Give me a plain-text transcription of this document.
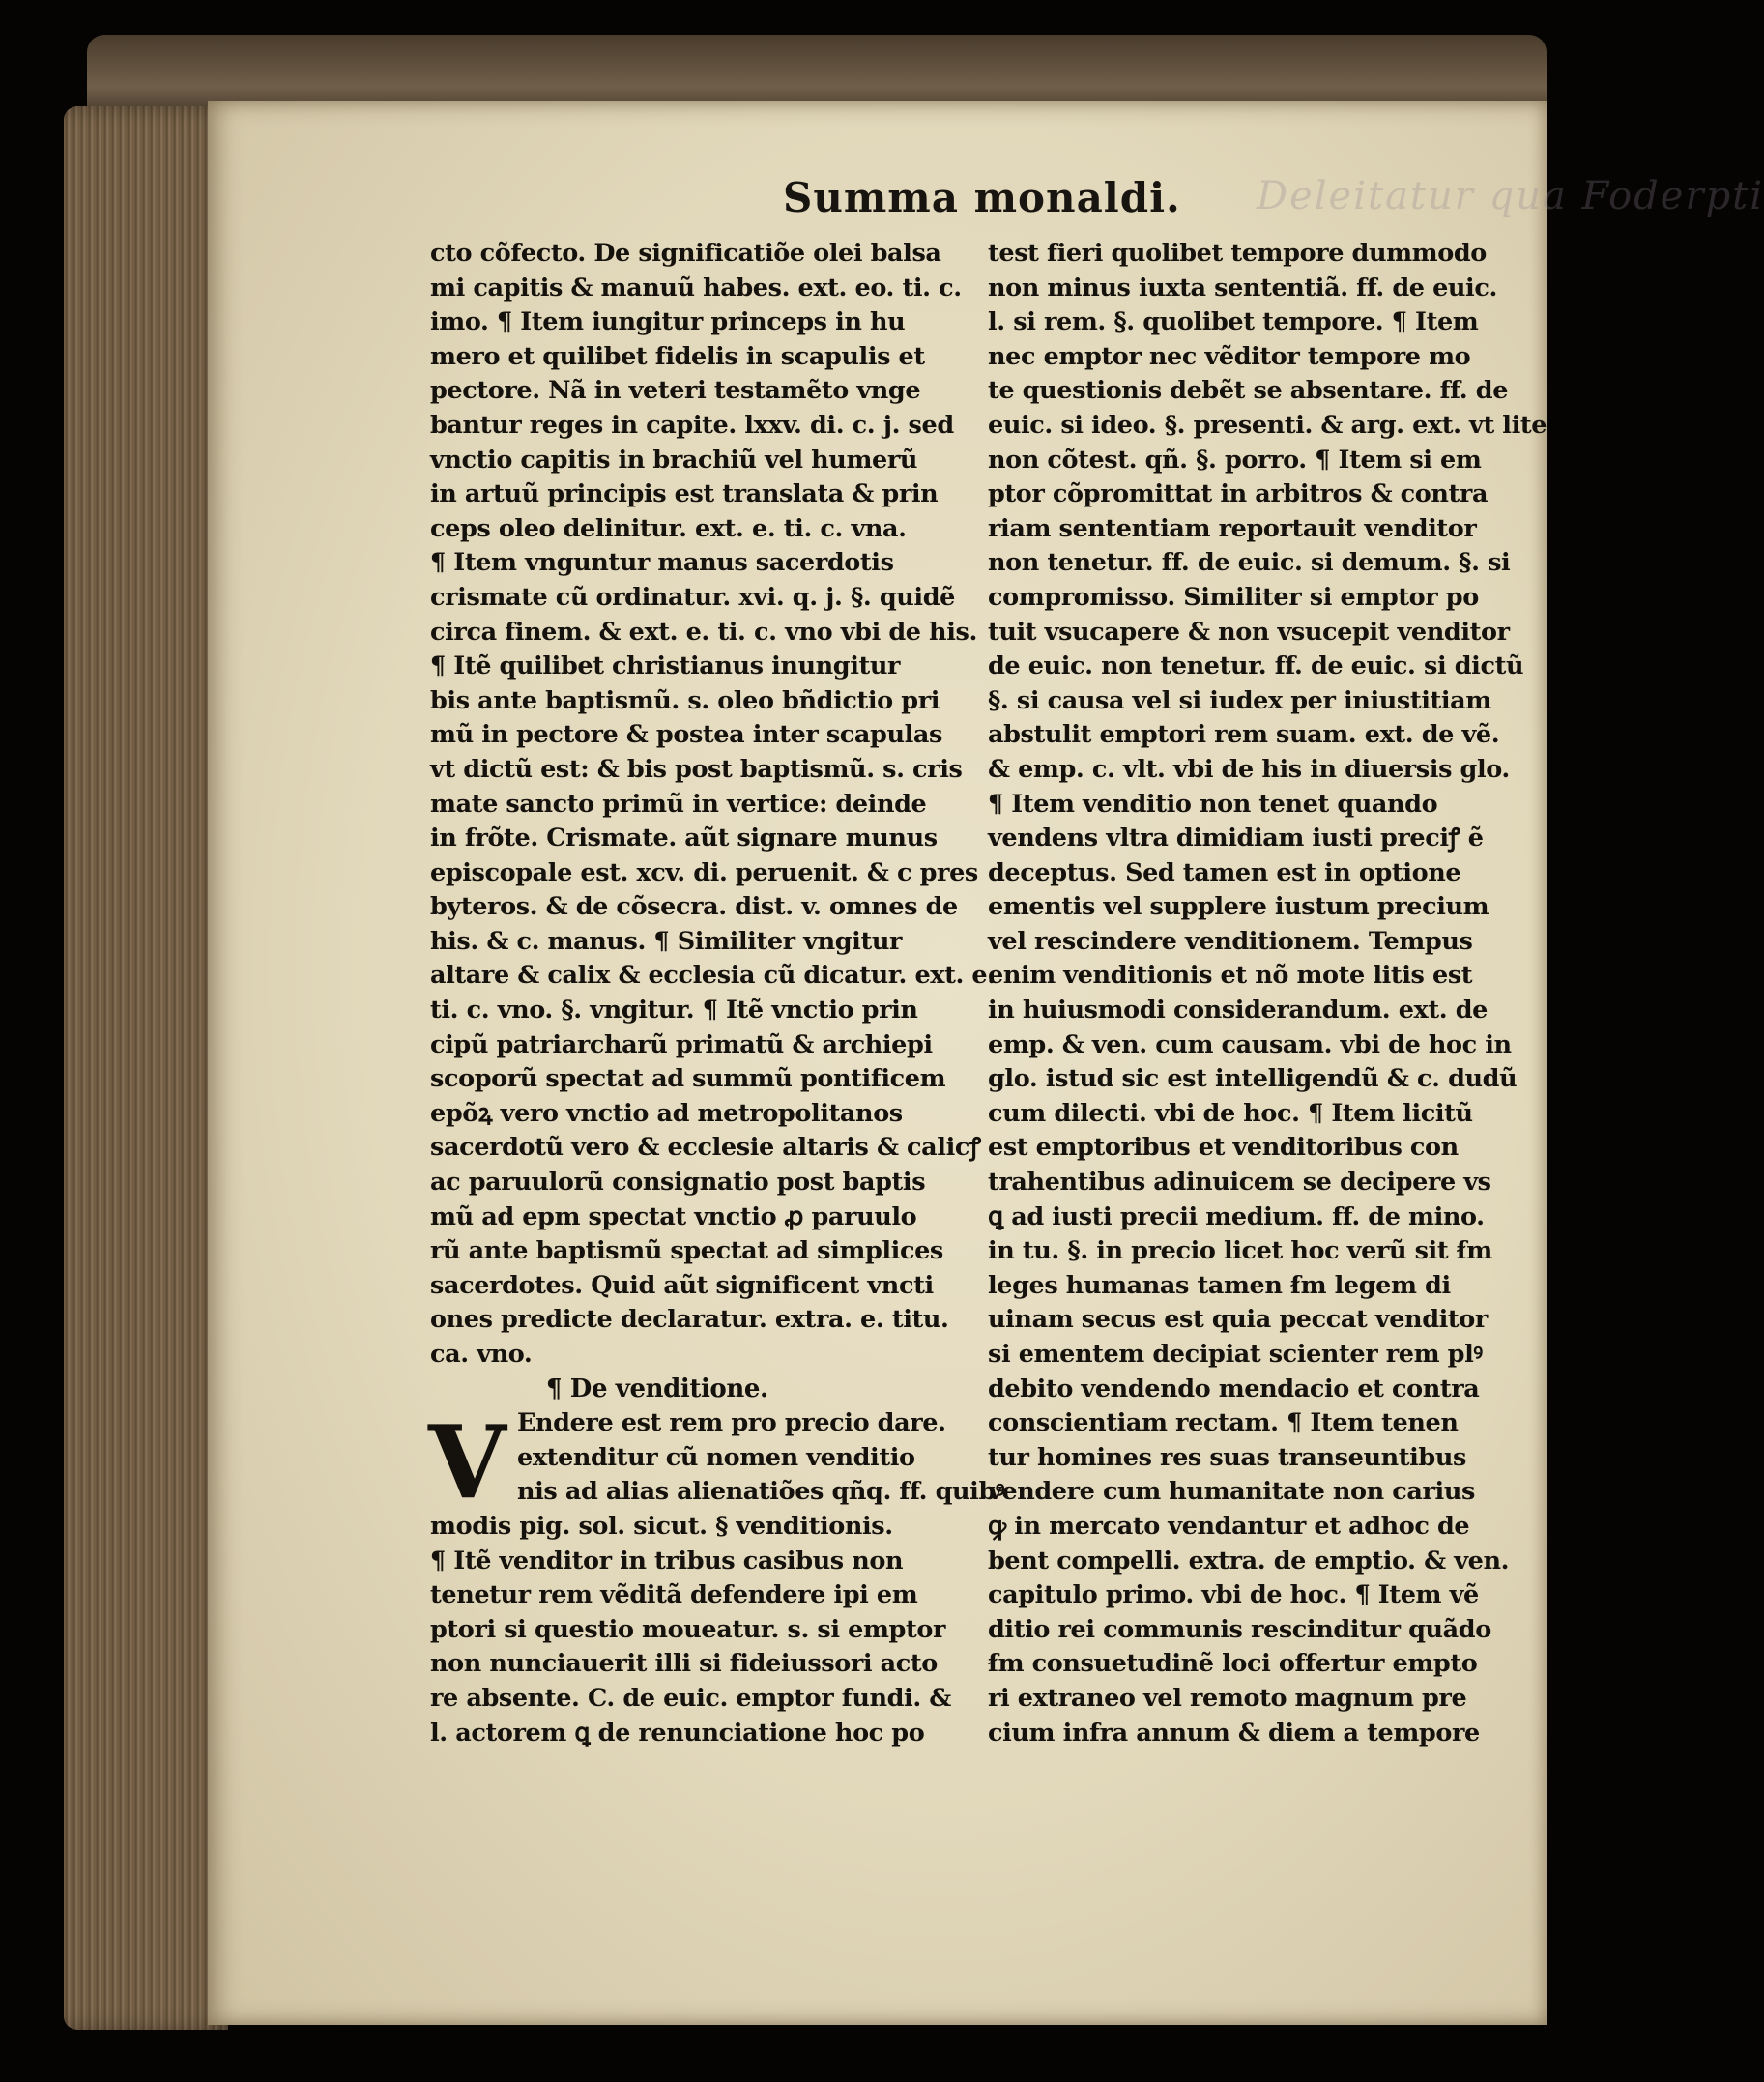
Deleitatur qua Foderpti
Summa monaldi.
cto cõfecto. De significatiõe olei balsa
mi capitis & manuũ habes. ext. eo. ti. c.
imo. ¶ Item iungitur princeps in hu
mero et quilibet fidelis in scapulis et
pectore. Nã in veteri testamẽto vnge
bantur reges in capite. lxxv. di. c. j. sed
vnctio capitis in brachiũ vel humerũ
in artuũ principis est translata & prin
ceps oleo delinitur. ext. e. ti. c. vna.
¶ Item vnguntur manus sacerdotis
crismate cũ ordinatur. xvi. q. j. §. quidẽ
circa finem. & ext. e. ti. c. vno vbi de his.
¶ Itẽ quilibet christianus inungitur
bis ante baptismũ. s. oleo bñdictio pri
mũ in pectore & postea inter scapulas
vt dictũ est: & bis post baptismũ. s. cris
mate sancto primũ in vertice: deinde
in frõte. Crismate. aũt signare munus
episcopale est. xcv. di. peruenit. & c pres
byteros. & de cõsecra. dist. v. omnes de
his. & c. manus. ¶ Similiter vngitur
altare & calix & ecclesia cũ dicatur. ext. e.
ti. c. vno. §. vngitur. ¶ Itẽ vnctio prin
cipũ patriarcharũ primatũ & archiepi
scoporũ spectat ad summũ pontificem
epõꝝ vero vnctio ad metropolitanos
sacerdotũ vero & ecclesie altaris & calicꝭ
ac paruulorũ consignatio post baptis
mũ ad epm spectat vnctio ꝓ paruulo
rũ ante baptismũ spectat ad simplices
sacerdotes. Quid aũt significent vncti
ones predicte declaratur. extra. e. titu.
ca. vno.
¶ De venditione.
V Endere est rem pro precio dare.
extenditur cũ nomen venditio
nis ad alias alienatiões qñq. ff. quibꝰ
modis pig. sol. sicut. § venditionis.
¶ Itẽ venditor in tribus casibus non
tenetur rem vẽditã defendere ipi em
ptori si questio moueatur. s. si emptor
non nunciauerit illi si fideiussori acto
re absente. C. de euic. emptor fundi. &
l. actorem ꝗ de renunciatione hoc po
test fieri quolibet tempore dummodo
non minus iuxta sententiã. ff. de euic.
l. si rem. §. quolibet tempore. ¶ Item
nec emptor nec vẽditor tempore mo
te questionis debẽt se absentare. ff. de
euic. si ideo. §. presenti. & arg. ext. vt lite
non cõtest. qñ. §. porro. ¶ Item si em
ptor cõpromittat in arbitros & contra
riam sententiam reportauit venditor
non tenetur. ff. de euic. si demum. §. si
compromisso. Similiter si emptor po
tuit vsucapere & non vsucepit venditor
de euic. non tenetur. ff. de euic. si dictũ
§. si causa vel si iudex per iniustitiam
abstulit emptori rem suam. ext. de vẽ.
& emp. c. vlt. vbi de his in diuersis glo.
¶ Item venditio non tenet quando
vendens vltra dimidiam iusti preciꝭ ẽ
deceptus. Sed tamen est in optione
ementis vel supplere iustum precium
vel rescindere venditionem. Tempus
enim venditionis et nõ mote litis est
in huiusmodi considerandum. ext. de
emp. & ven. cum causam. vbi de hoc in
glo. istud sic est intelligendũ & c. dudũ
cum dilecti. vbi de hoc. ¶ Item licitũ
est emptoribus et venditoribus con
trahentibus adinuicem se decipere vs
ꝗ ad iusti precii medium. ff. de mino.
in tu. §. in precio licet hoc verũ sit ẜm
leges humanas tamen ẜm legem di
uinam secus est quia peccat venditor
si ementem decipiat scienter rem plꝰ
debito vendendo mendacio et contra
conscientiam rectam. ¶ Item tenen
tur homines res suas transeuntibus
vendere cum humanitate non carius
ꝙ in mercato vendantur et adhoc de
bent compelli. extra. de emptio. & ven.
capitulo primo. vbi de hoc. ¶ Item vẽ
ditio rei communis rescinditur quãdo
ẜm consuetudinẽ loci offertur empto
ri extraneo vel remoto magnum pre
cium infra annum & diem a tempore
